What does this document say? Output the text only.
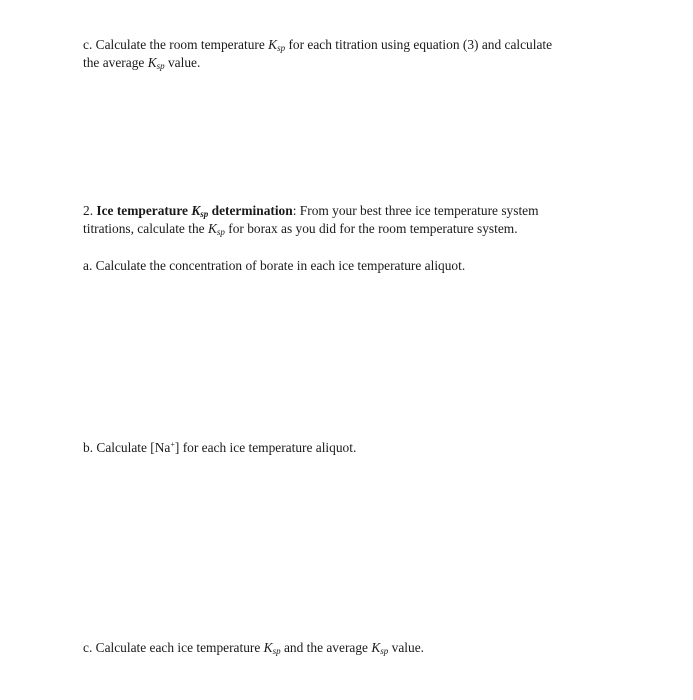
c. Calculate the room temperature $K_{sp}$ for each titration using equation (3) and calculate
the average $K_{sp}$ value.

2. Ice temperature $K_{sp}$ determination: From your best three ice temperature system
titrations, calculate the $K_{sp}$ for borax as you did for the room temperature system.

a. Calculate the concentration of borate in each ice temperature aliquot.

b. Calculate [Na+] for each ice temperature aliquot.

c. Calculate each ice temperature $K_{sp}$ and the average $K_{sp}$ value.
